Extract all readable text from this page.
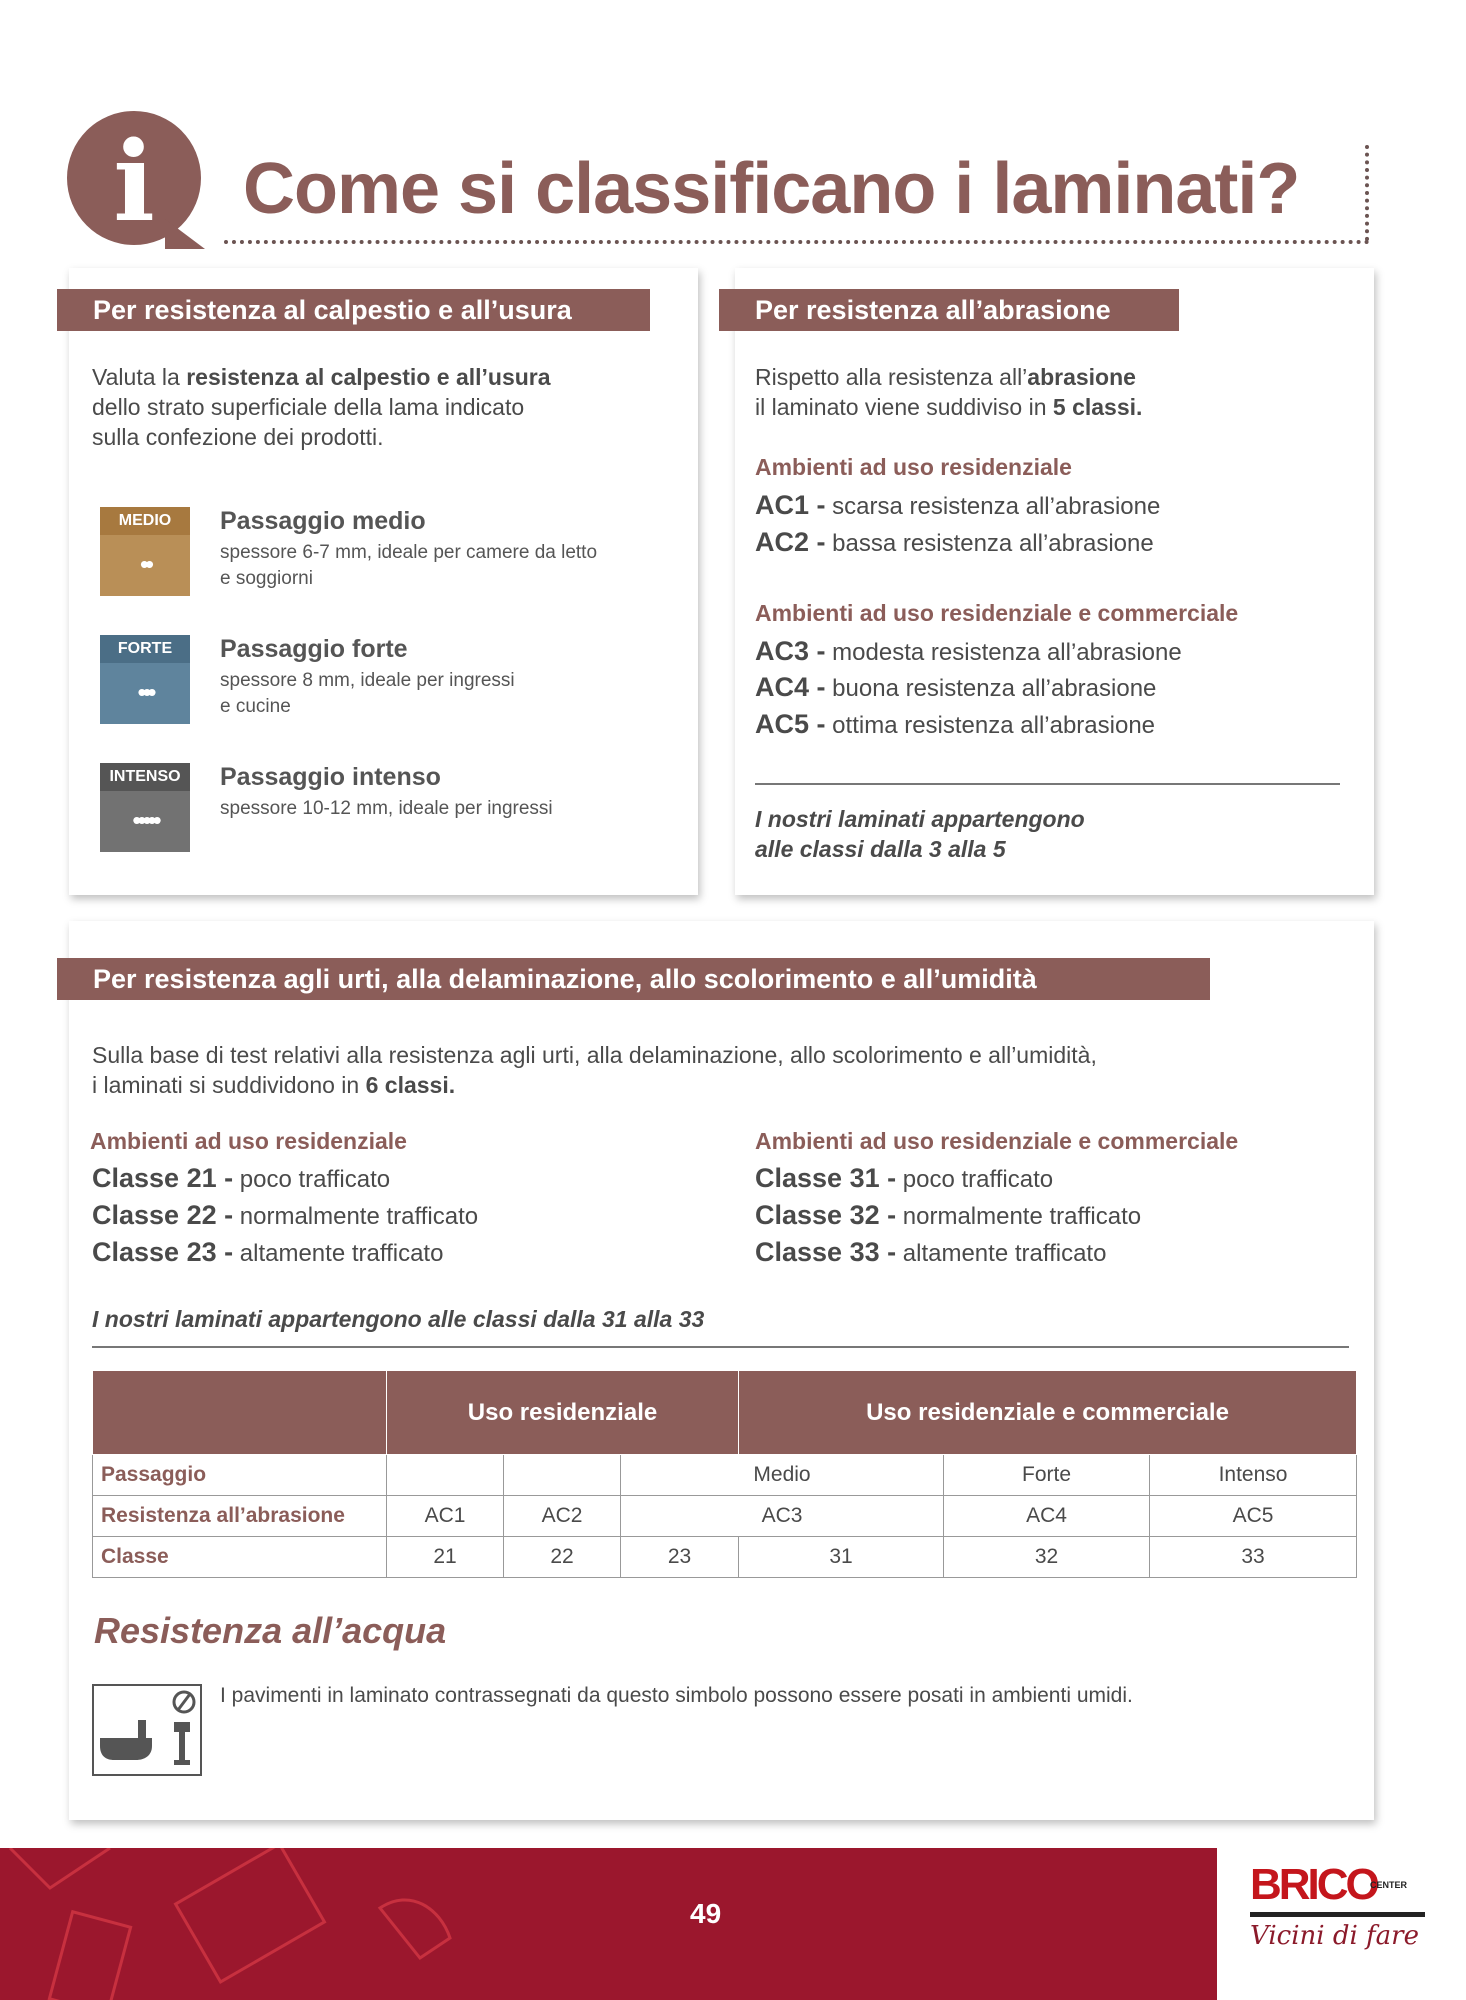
i	Come si classificano i laminati?
Per resistenza al calpestio e all’usura
Valuta la resistenza al calpestio e all’usura
dello strato superficiale della lama indicato
sulla confezione dei prodotti.
MEDIO
••
Passaggio medio
spessore 6-7 mm, ideale per camere da letto
e soggiorni
FORTE
•••
Passaggio forte
spessore 8 mm, ideale per ingressi
e cucine
INTENSO
•••••
Passaggio intenso
spessore 10-12 mm, ideale per ingressi
Per resistenza all’abrasione
Rispetto alla resistenza all’abrasione
il laminato viene suddiviso in 5 classi.
Ambienti ad uso residenziale
AC1 - scarsa resistenza all’abrasione
AC2 - bassa resistenza all’abrasione
Ambienti ad uso residenziale e commerciale
AC3 - modesta resistenza all’abrasione
AC4 - buona resistenza all’abrasione
AC5 - ottima resistenza all’abrasione
I nostri laminati appartengono
alle classi dalla 3 alla 5
Per resistenza agli urti, alla delaminazione, allo scolorimento e all’umidità
Sulla base di test relativi alla resistenza agli urti, alla delaminazione, allo scolorimento e all’umidità,
i laminati si suddividono in 6 classi.
Ambienti ad uso residenziale	Ambienti ad uso residenziale e commerciale
Classe 21 - poco trafficato
Classe 22 - normalmente trafficato
Classe 23 - altamente trafficato
Classe 31 - poco trafficato
Classe 32 - normalmente trafficato
Classe 33 - altamente trafficato
I nostri laminati appartengono alle classi dalla 31 alla 33
	Uso residenziale			Uso residenziale e commerciale		
Passaggio			Medio		Forte	Intenso
Resistenza all’abrasione	AC1	AC2	AC3		AC4	AC5
Classe	21	22	23	31	32	33
Resistenza all’acqua
I pavimenti in laminato contrassegnati da questo simbolo possono essere posati in ambienti umidi.
49
BRICO
CENTER
Vicini di fare
